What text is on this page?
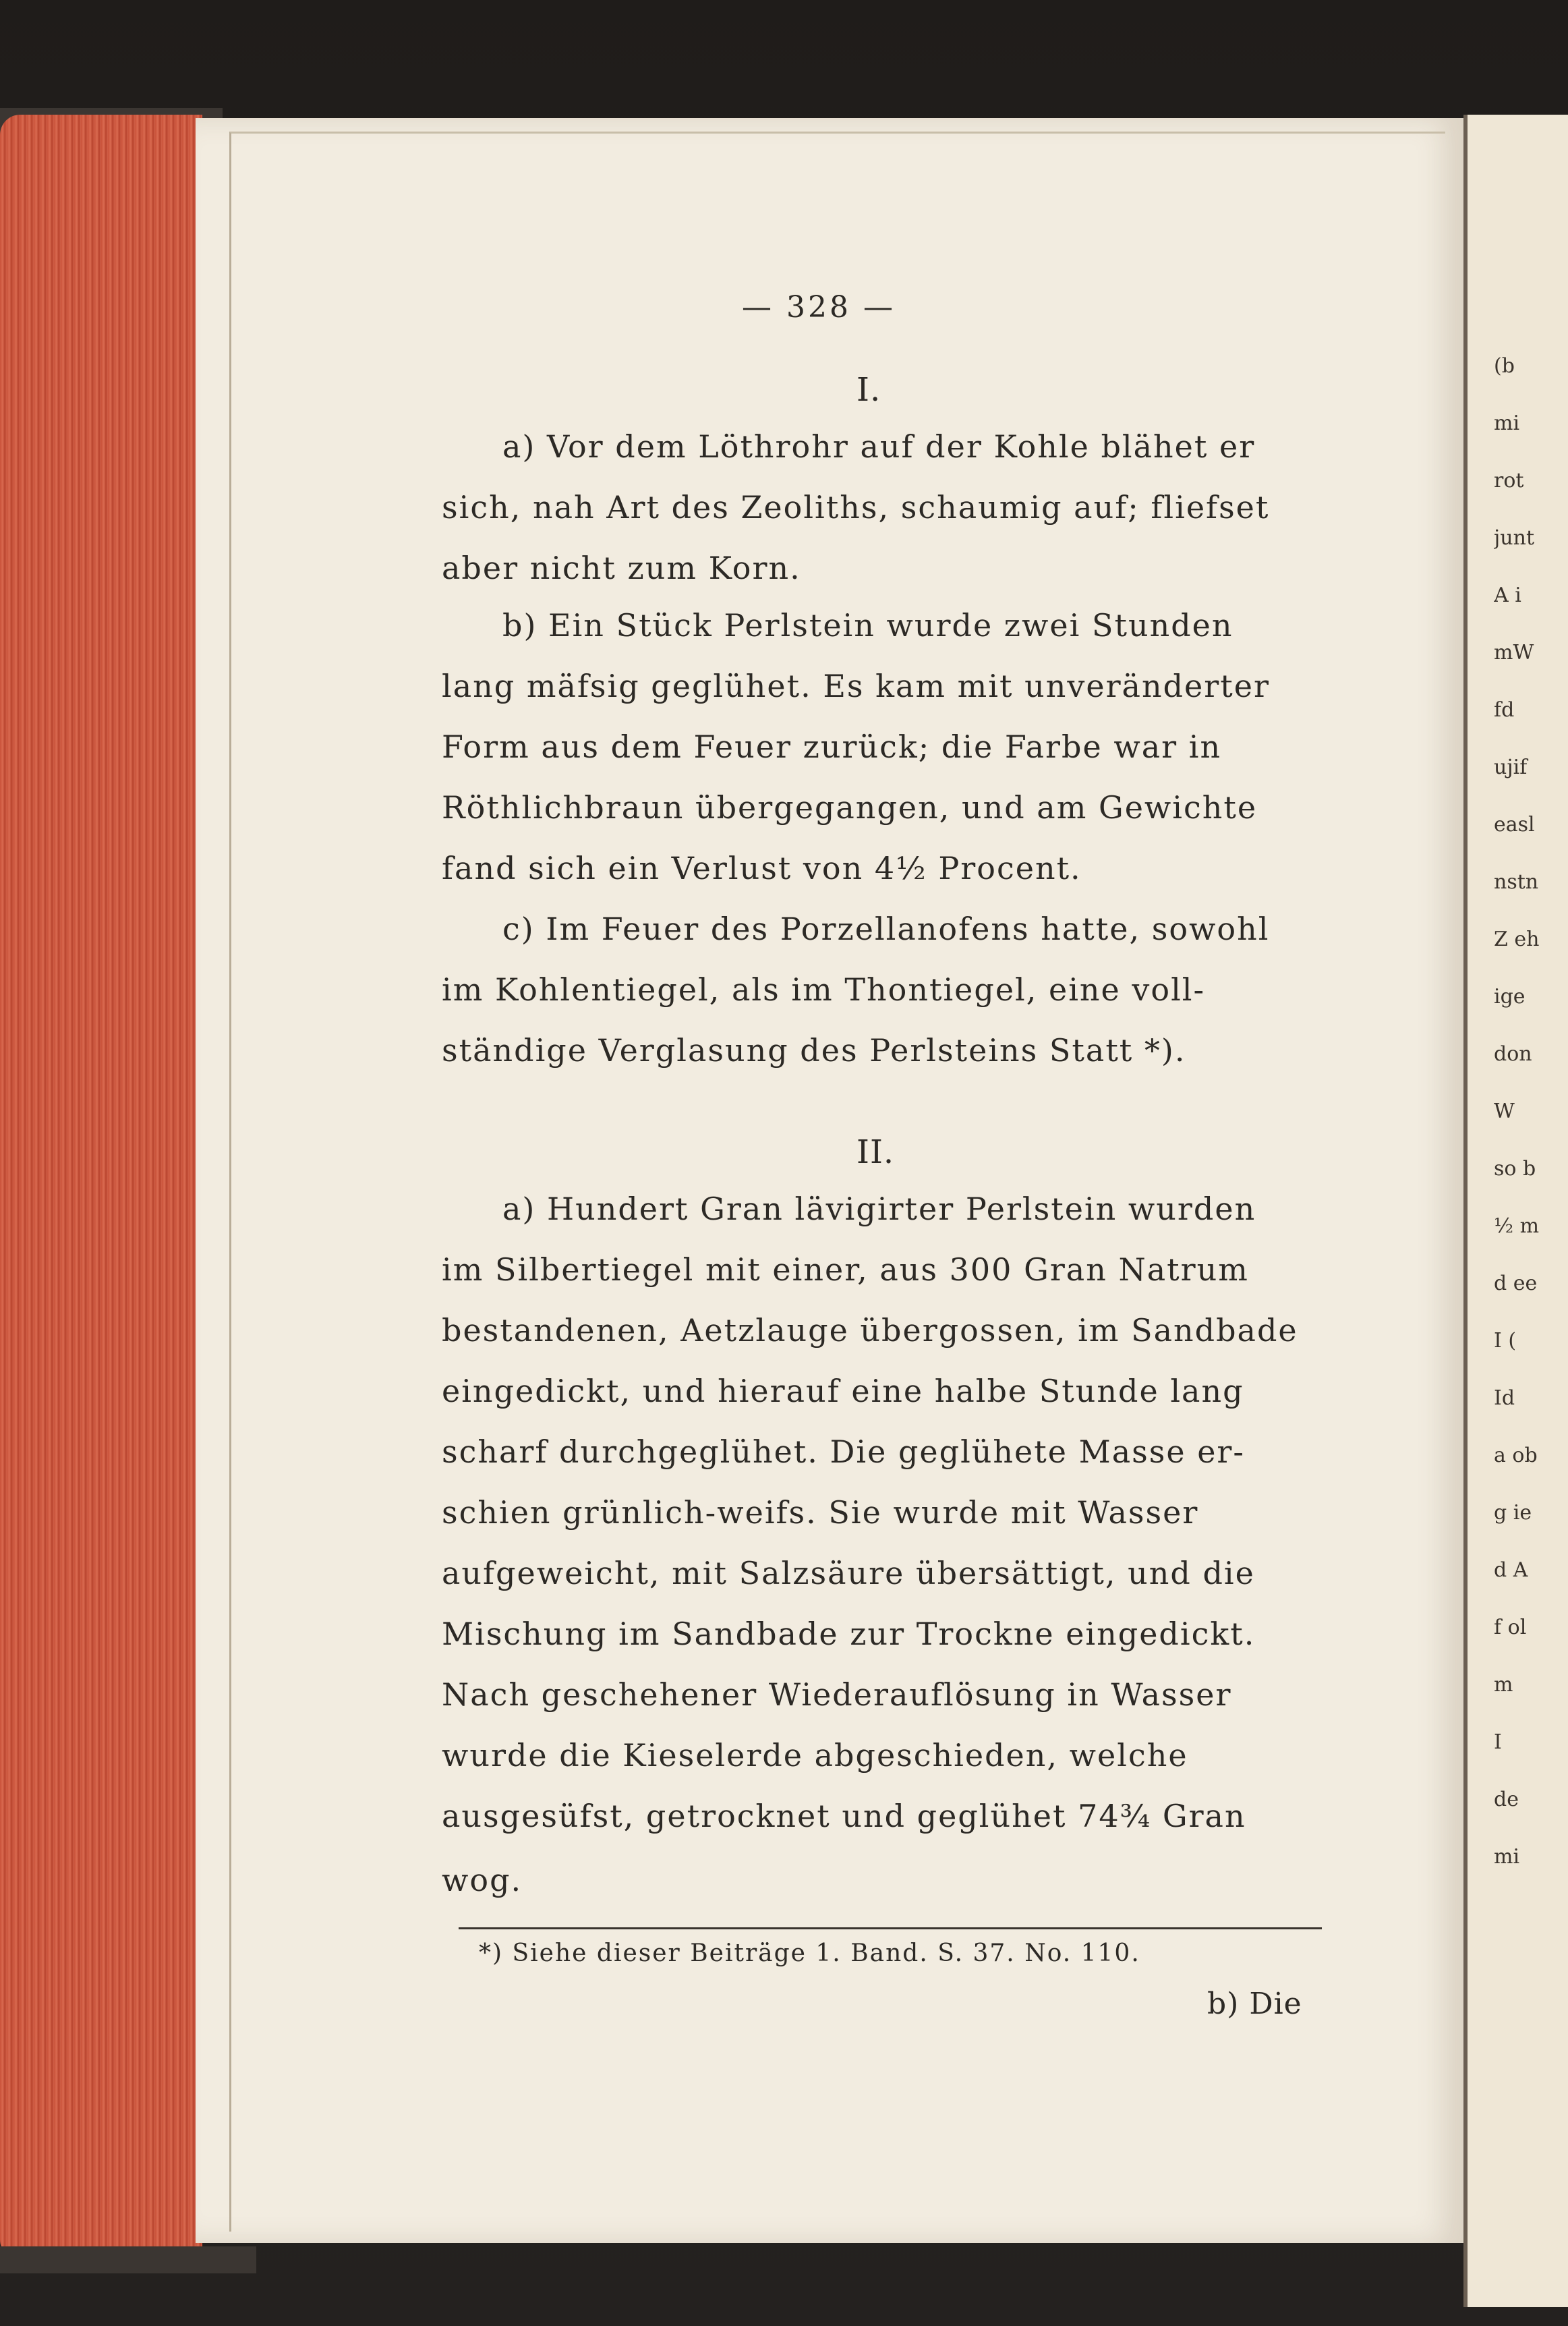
(b
mi
rot
junt
A i
mW
fd
ujif
easl
nstn
Z eh
ige
don
W
so b
½ m
d ee
I (
Id
a ob
g ie
d A
f ol
m
I
de
mi
— 328 —
I.
a) Vor dem Löthrohr auf der Kohle blähet er
sich, nah Art des Zeoliths, schaumig auf; fliefset
aber nicht zum Korn.
b) Ein Stück Perlstein wurde zwei Stunden
lang mäfsig geglühet. Es kam mit unveränderter
Form aus dem Feuer zurück; die Farbe war in
Röthlichbraun übergegangen, und am Gewichte
fand sich ein Verlust von 4½ Procent.
c) Im Feuer des Porzellanofens hatte, sowohl
im Kohlentiegel, als im Thontiegel, eine voll-
ständige Verglasung des Perlsteins Statt *).
II.
a) Hundert Gran lävigirter Perlstein wurden
im Silbertiegel mit einer, aus 300 Gran Natrum
bestandenen, Aetzlauge übergossen, im Sandbade
eingedickt, und hierauf eine halbe Stunde lang
scharf durchgeglühet. Die geglühete Masse er-
schien grünlich-weifs. Sie wurde mit Wasser
aufgeweicht, mit Salzsäure übersättigt, und die
Mischung im Sandbade zur Trockne eingedickt.
Nach geschehener Wiederauflösung in Wasser
wurde die Kieselerde abgeschieden, welche
ausgesüfst, getrocknet und geglühet 74¾ Gran
wog.
*) Siehe dieser Beiträge 1. Band. S. 37. No. 110.
b) Die
